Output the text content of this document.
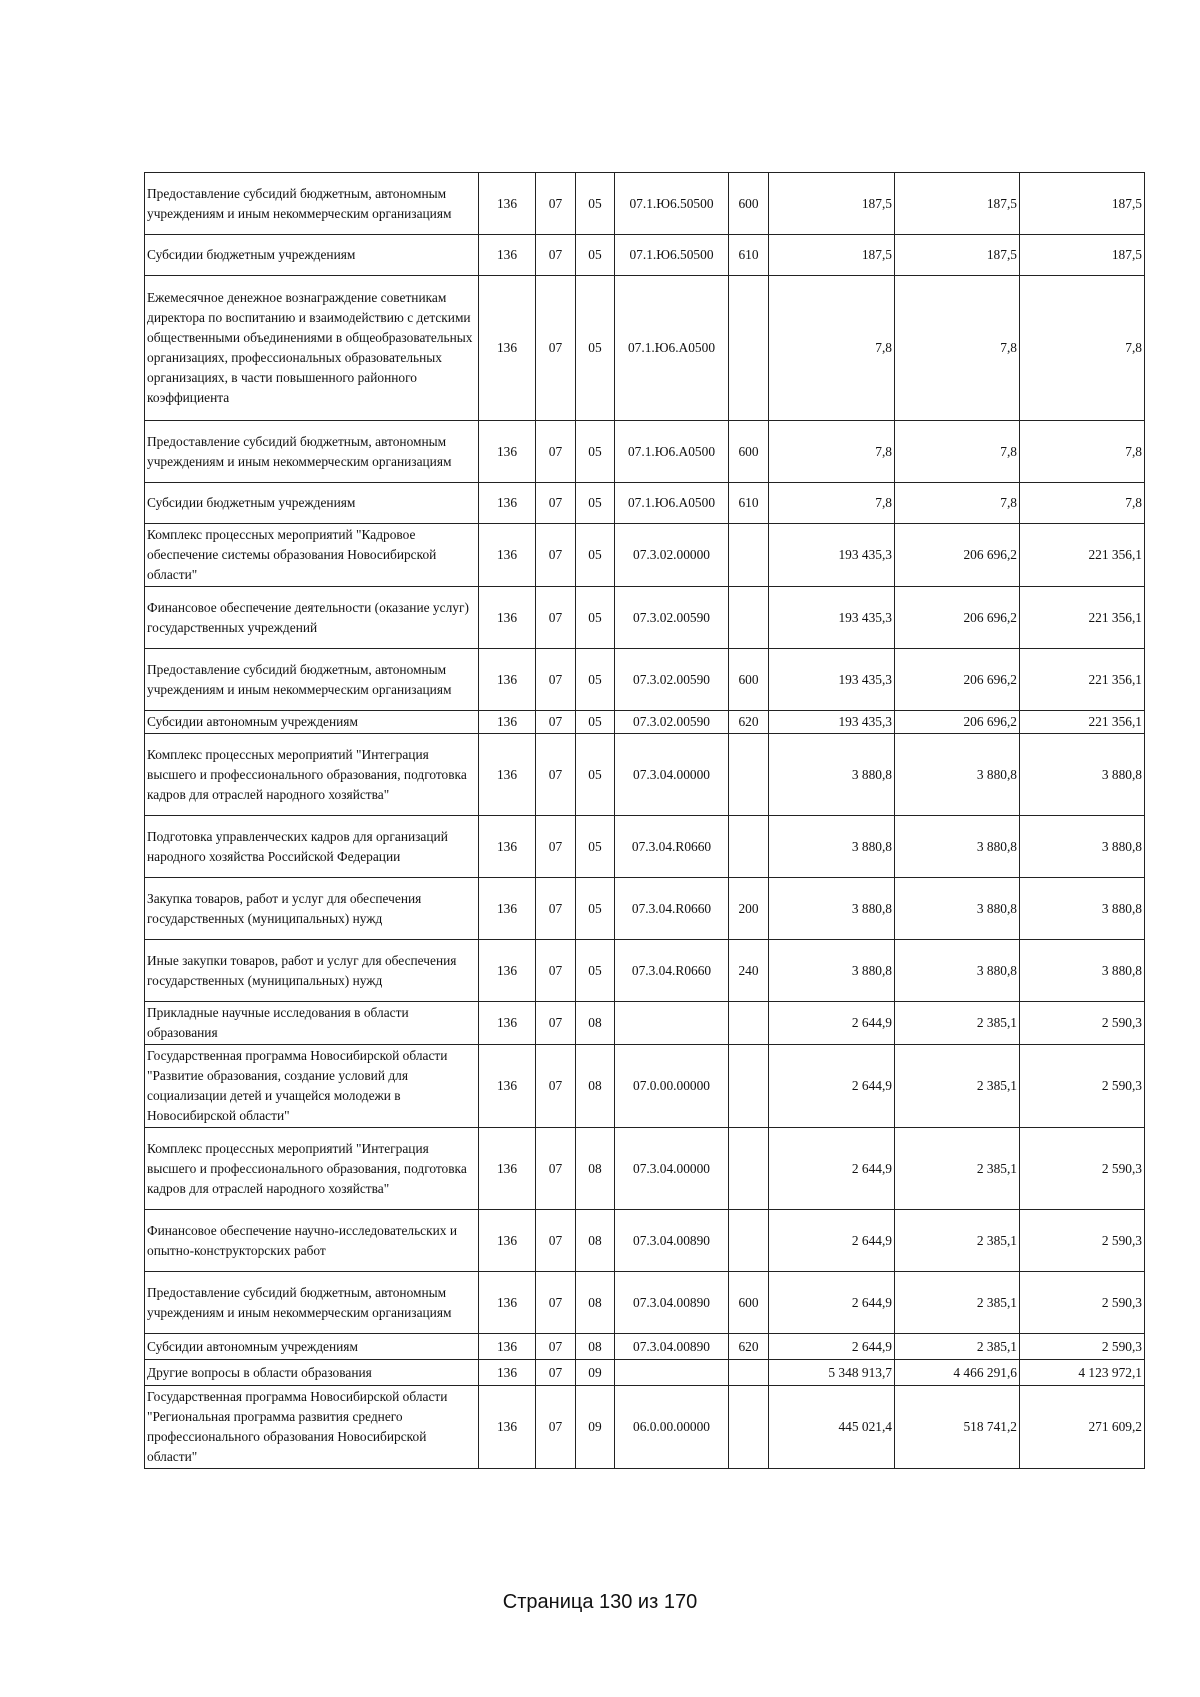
Предоставление субсидий бюджетным, автономным учреждениям и иным некоммерческим организациям	136	07	05	07.1.Ю6.50500	600	187,5	187,5	187,5
Субсидии бюджетным учреждениям	136	07	05	07.1.Ю6.50500	610	187,5	187,5	187,5
Ежемесячное денежное вознаграждение советникам директора по воспитанию и взаимодействию с детскими общественными объединениями в общеобразовательных организациях, профессиональных образовательных организациях, в части повышенного районного коэффициента	136	07	05	07.1.Ю6.А0500		7,8	7,8	7,8
Предоставление субсидий бюджетным, автономным учреждениям и иным некоммерческим организациям	136	07	05	07.1.Ю6.А0500	600	7,8	7,8	7,8
Субсидии бюджетным учреждениям	136	07	05	07.1.Ю6.А0500	610	7,8	7,8	7,8
Комплекс процессных мероприятий "Кадровое обеспечение системы образования Новосибирской области"	136	07	05	07.3.02.00000		193 435,3	206 696,2	221 356,1
Финансовое обеспечение деятельности (оказание услуг) государственных учреждений	136	07	05	07.3.02.00590		193 435,3	206 696,2	221 356,1
Предоставление субсидий бюджетным, автономным учреждениям и иным некоммерческим организациям	136	07	05	07.3.02.00590	600	193 435,3	206 696,2	221 356,1
Субсидии автономным учреждениям	136	07	05	07.3.02.00590	620	193 435,3	206 696,2	221 356,1
Комплекс процессных мероприятий "Интеграция высшего и профессионального образования, подготовка кадров для отраслей народного хозяйства"	136	07	05	07.3.04.00000		3 880,8	3 880,8	3 880,8
Подготовка управленческих кадров для организаций народного хозяйства Российской Федерации	136	07	05	07.3.04.R0660		3 880,8	3 880,8	3 880,8
Закупка товаров, работ и услуг для обеспечения государственных (муниципальных) нужд	136	07	05	07.3.04.R0660	200	3 880,8	3 880,8	3 880,8
Иные закупки товаров, работ и услуг для обеспечения государственных (муниципальных) нужд	136	07	05	07.3.04.R0660	240	3 880,8	3 880,8	3 880,8
Прикладные научные исследования в области образования	136	07	08			2 644,9	2 385,1	2 590,3
Государственная программа Новосибирской области "Развитие образования, создание условий для социализации детей и учащейся молодежи в Новосибирской области"	136	07	08	07.0.00.00000		2 644,9	2 385,1	2 590,3
Комплекс процессных мероприятий "Интеграция высшего и профессионального образования, подготовка кадров для отраслей народного хозяйства"	136	07	08	07.3.04.00000		2 644,9	2 385,1	2 590,3
Финансовое обеспечение научно-исследовательских и опытно-конструкторских работ	136	07	08	07.3.04.00890		2 644,9	2 385,1	2 590,3
Предоставление субсидий бюджетным, автономным учреждениям и иным некоммерческим организациям	136	07	08	07.3.04.00890	600	2 644,9	2 385,1	2 590,3
Субсидии автономным учреждениям	136	07	08	07.3.04.00890	620	2 644,9	2 385,1	2 590,3
Другие вопросы в области образования	136	07	09			5 348 913,7	4 466 291,6	4 123 972,1
Государственная программа Новосибирской области "Региональная программа развития среднего профессионального образования Новосибирской области"	136	07	09	06.0.00.00000		445 021,4	518 741,2	271 609,2
Страница 130 из 170
